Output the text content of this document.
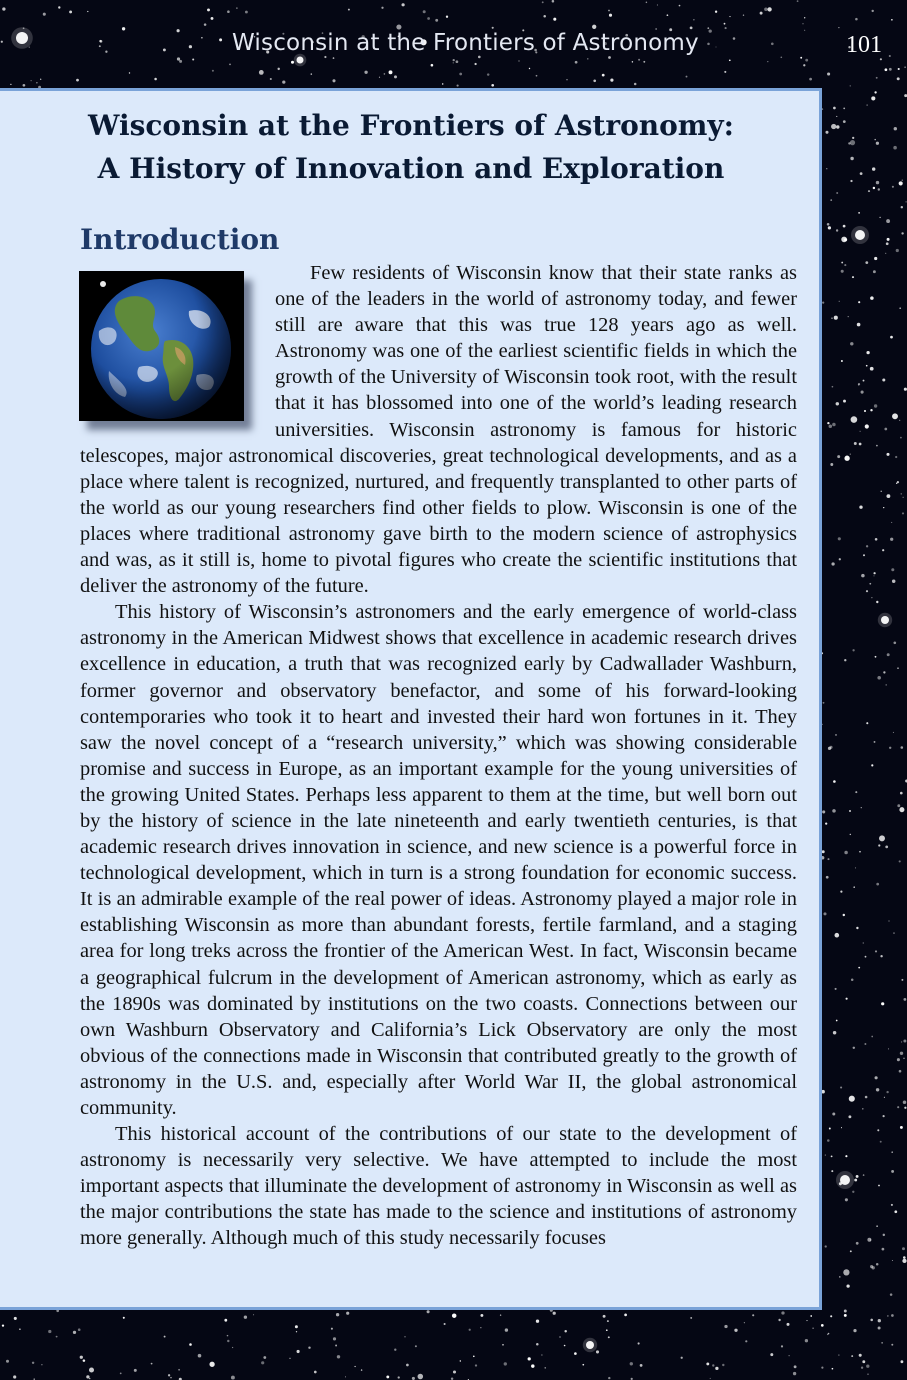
Wisconsin at the Frontiers of Astronomy	101
Wisconsin at the Frontiers of Astronomy:
A History of Innovation and Exploration
Introduction

Few residents of Wisconsin know that their state ranks as one of the leaders in the world of astronomy today, and fewer still are aware that this was true 128 years ago as well. Astronomy was one of the earliest scientific fields in which the growth of the University of Wisconsin took root, with the result that it has blossomed into one of the world’s leading research universities. Wisconsin astronomy is famous for historic telescopes, major astronomical discoveries, great technological developments, and as a place where talent is recognized, nurtured, and frequently transplanted to other parts of the world as our young researchers find other fields to plow. Wisconsin is one of the places where traditional astronomy gave birth to the modern science of astrophysics and was, as it still is, home to pivotal figures who create the scientific institutions that deliver the astronomy of the future.

This history of Wisconsin’s astronomers and the early emergence of world-class astronomy in the American Midwest shows that excellence in academic research drives excellence in education, a truth that was recognized early by Cadwallader Washburn, former governor and observatory benefactor, and some of his forward-looking contemporaries who took it to heart and invested their hard won fortunes in it. They saw the novel concept of a “research university,” which was showing considerable promise and success in Europe, as an important example for the young universities of the growing United States. Perhaps less apparent to them at the time, but well born out by the history of science in the late nineteenth and early twentieth centuries, is that academic research drives innovation in science, and new science is a powerful force in technological development, which in turn is a strong foundation for economic success. It is an admirable example of the real power of ideas. Astronomy played a major role in establishing Wisconsin as more than abundant forests, fertile farmland, and a staging area for long treks across the frontier of the American West. In fact, Wisconsin became a geographical fulcrum in the development of American astronomy, which as early as the 1890s was dominated by institutions on the two coasts. Connections between our own Washburn Observatory and California’s Lick Observatory are only the most obvious of the connections made in Wisconsin that contributed greatly to the growth of astronomy in the U.S. and, especially after World War II, the global astronomical community.

This historical account of the contributions of our state to the development of astronomy is necessarily very selective. We have attempted to include the most important aspects that illuminate the development of astronomy in Wisconsin as well as the major contributions the state has made to the science and institutions of astronomy more generally. Although much of this study necessarily focuses
